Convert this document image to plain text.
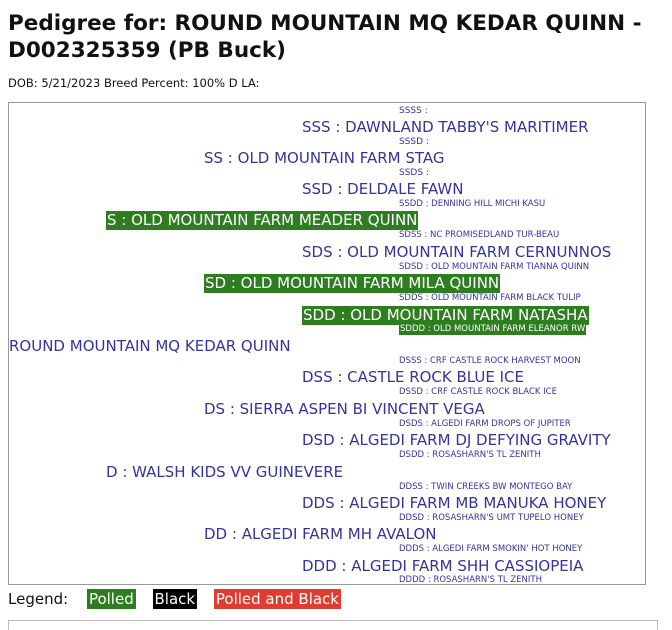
Pedigree for: ROUND MOUNTAIN MQ KEDAR QUINN - D002325359 (PB Buck)
DOB: 5/21/2023 Breed Percent: 100% D LA:
SSSS :
SSS : DAWNLAND TABBY'S MARITIMER
SSSD :
SS : OLD MOUNTAIN FARM STAG
SSDS :
SSD : DELDALE FAWN
SSDD : DENNING HILL MICHI KASU
S : OLD MOUNTAIN FARM MEADER QUINN
SDSS : NC PROMISEDLAND TUR-BEAU
SDS : OLD MOUNTAIN FARM CERNUNNOS
SDSD : OLD MOUNTAIN FARM TIANNA QUINN
SD : OLD MOUNTAIN FARM MILA QUINN
SDDS : OLD MOUNTAIN FARM BLACK TULIP
SDD : OLD MOUNTAIN FARM NATASHA
SDDD : OLD MOUNTAIN FARM ELEANOR RW
ROUND MOUNTAIN MQ KEDAR QUINN
DSSS : CRF CASTLE ROCK HARVEST MOON
DSS : CASTLE ROCK BLUE ICE
DSSD : CRF CASTLE ROCK BLACK ICE
DS : SIERRA ASPEN BI VINCENT VEGA
DSDS : ALGEDI FARM DROPS OF JUPITER
DSD : ALGEDI FARM DJ DEFYING GRAVITY
DSDD : ROSASHARN'S TL ZENITH
D : WALSH KIDS VV GUINEVERE
DDSS : TWIN CREEKS BW MONTEGO BAY
DDS : ALGEDI FARM MB MANUKA HONEY
DDSD : ROSASHARN'S UMT TUPELO HONEY
DD : ALGEDI FARM MH AVALON
DDDS : ALGEDI FARM SMOKIN' HOT HONEY
DDD : ALGEDI FARM SHH CASSIOPEIA
DDDD : ROSASHARN'S TL ZENITH
Legend: Polled Black Polled and Black
